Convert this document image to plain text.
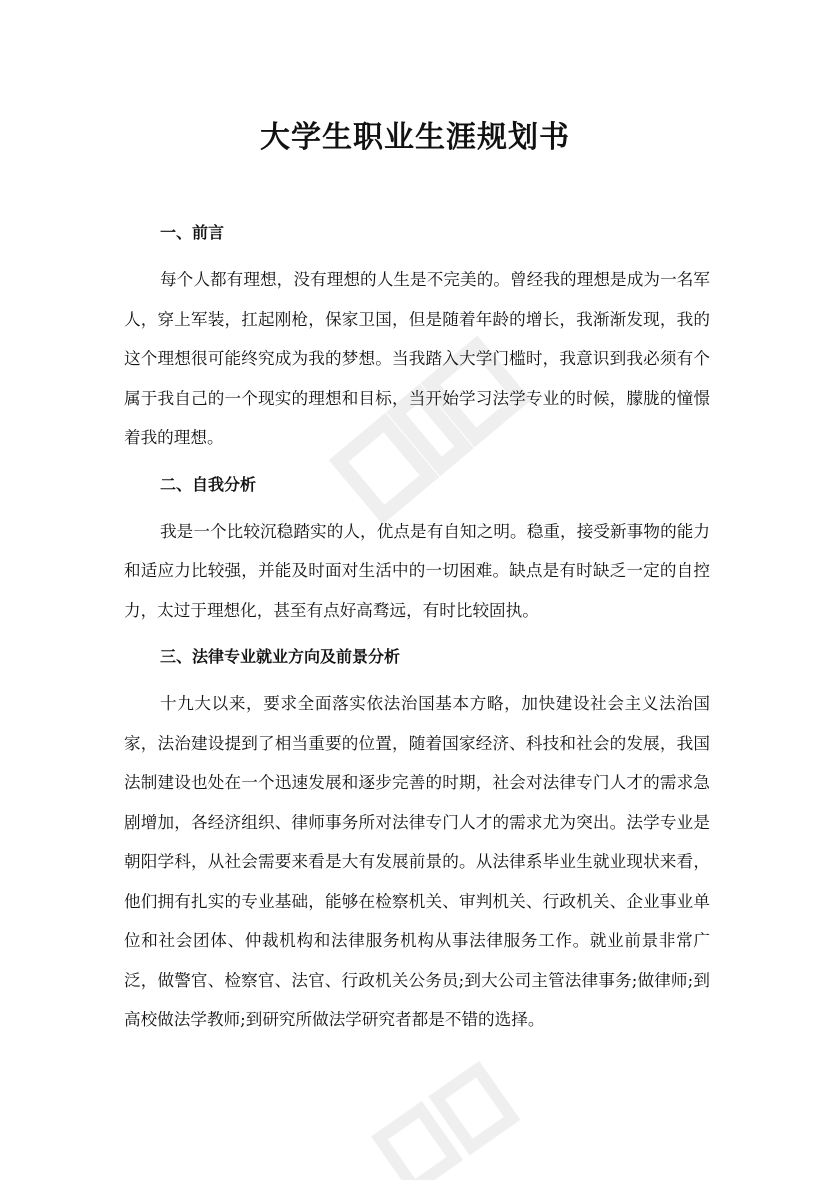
大学生职业生涯规划书
一、前言

每个人都有理想，没有理想的人生是不完美的。曾经我的理想是成为一名军人，穿上军装，扛起刚枪，保家卫国，但是随着年龄的增长，我渐渐发现，我的这个理想很可能终究成为我的梦想。当我踏入大学门槛时，我意识到我必须有个属于我自己的一个现实的理想和目标，当开始学习法学专业的时候，朦胧的憧憬着我的理想。

二、自我分析

我是一个比较沉稳踏实的人，优点是有自知之明。稳重，接受新事物的能力和适应力比较强，并能及时面对生活中的一切困难。缺点是有时缺乏一定的自控力，太过于理想化，甚至有点好高骛远，有时比较固执。

三、法律专业就业方向及前景分析

十九大以来，要求全面落实依法治国基本方略，加快建设社会主义法治国家，法治建设提到了相当重要的位置，随着国家经济、科技和社会的发展，我国法制建设也处在一个迅速发展和逐步完善的时期，社会对法律专门人才的需求急剧增加，各经济组织、律师事务所对法律专门人才的需求尤为突出。法学专业是朝阳学科，从社会需要来看是大有发展前景的。从法律系毕业生就业现状来看，他们拥有扎实的专业基础，能够在检察机关、审判机关、行政机关、企业事业单位和社会团体、仲裁机构和法律服务机构从事法律服务工作。就业前景非常广泛，做警官、检察官、法官、行政机关公务员;到大公司主管法律事务;做律师;到高校做法学教师;到研究所做法学研究者都是不错的选择。
